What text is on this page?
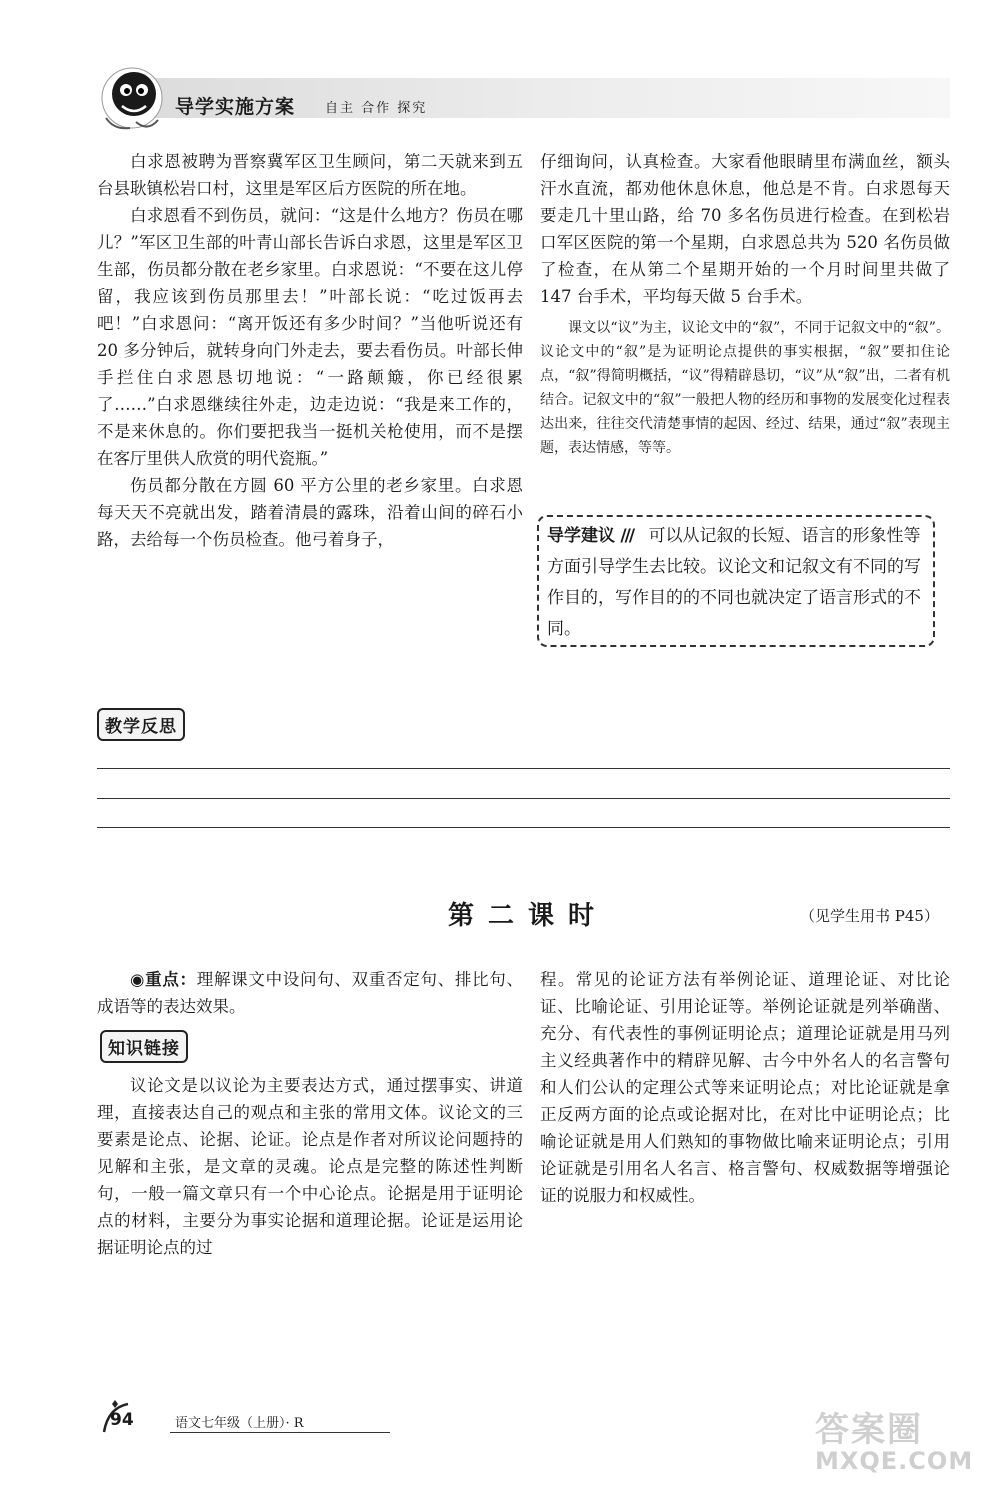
导学实施方案 自主 合作 探究

白求恩被聘为晋察冀军区卫生顾问，第二天就来到五台县耿镇松岩口村，这里是军区后方医院的所在地。

白求恩看不到伤员，就问：“这是什么地方？伤员在哪儿？”军区卫生部的叶青山部长告诉白求恩，这里是军区卫生部，伤员都分散在老乡家里。白求恩说：“不要在这儿停留，我应该到伤员那里去！”叶部长说：“吃过饭再去吧！”白求恩问：“离开饭还有多少时间？”当他听说还有 20 多分钟后，就转身向门外走去，要去看伤员。叶部长伸手拦住白求恩恳切地说：“一路颠簸，你已经很累了……”白求恩继续往外走，边走边说：“我是来工作的，不是来休息的。你们要把我当一挺机关枪使用，而不是摆在客厅里供人欣赏的明代瓷瓶。”

伤员都分散在方圆 60 平方公里的老乡家里。白求恩每天天不亮就出发，踏着清晨的露珠，沿着山间的碎石小路，去给每一个伤员检查。他弓着身子，

仔细询问，认真检查。大家看他眼睛里布满血丝，额头汗水直流，都劝他休息休息，他总是不肯。白求恩每天要走几十里山路，给 70 多名伤员进行检查。在到松岩口军区医院的第一个星期，白求恩总共为 520 名伤员做了检查，在从第二个星期开始的一个月时间里共做了 147 台手术，平均每天做 5 台手术。

课文以“议”为主，议论文中的“叙”，不同于记叙文中的“叙”。议论文中的“叙”是为证明论点提供的事实根据，“叙”要扣住论点，“叙”得简明概括，“议”得精辟恳切，“议”从“叙”出，二者有机结合。记叙文中的“叙”一般把人物的经历和事物的发展变化过程表达出来，往往交代清楚事情的起因、经过、结果，通过“叙”表现主题，表达情感，等等。

导学建议 /// 可以从记叙的长短、语言的形象性等方面引导学生去比较。议论文和记叙文有不同的写作目的，写作目的的不同也就决定了语言形式的不同。
教学反思
第二课时	（见学生用书 P45）

◉重点：理解课文中设问句、双重否定句、排比句、成语等的表达效果。

议论文是以议论为主要表达方式，通过摆事实、讲道理，直接表达自己的观点和主张的常用文体。议论文的三要素是论点、论据、论证。论点是作者对所议论问题持的见解和主张，是文章的灵魂。论点是完整的陈述性判断句，一般一篇文章只有一个中心论点。论据是用于证明论点的材料，主要分为事实论据和道理论据。论证是运用论据证明论点的过

知识链接

程。常见的论证方法有举例论证、道理论证、对比论证、比喻论证、引用论证等。举例论证就是列举确凿、充分、有代表性的事例证明论点；道理论证就是用马列主义经典著作中的精辟见解、古今中外名人的名言警句和人们公认的定理公式等来证明论点；对比论证就是拿正反两方面的论点或论据对比，在对比中证明论点；比喻论证就是用人们熟知的事物做比喻来证明论点；引用论证就是引用名人名言、格言警句、权威数据等增强论证的说服力和权威性。

94	语文七年级（上册）· R	答案圈
MXQE.COM
